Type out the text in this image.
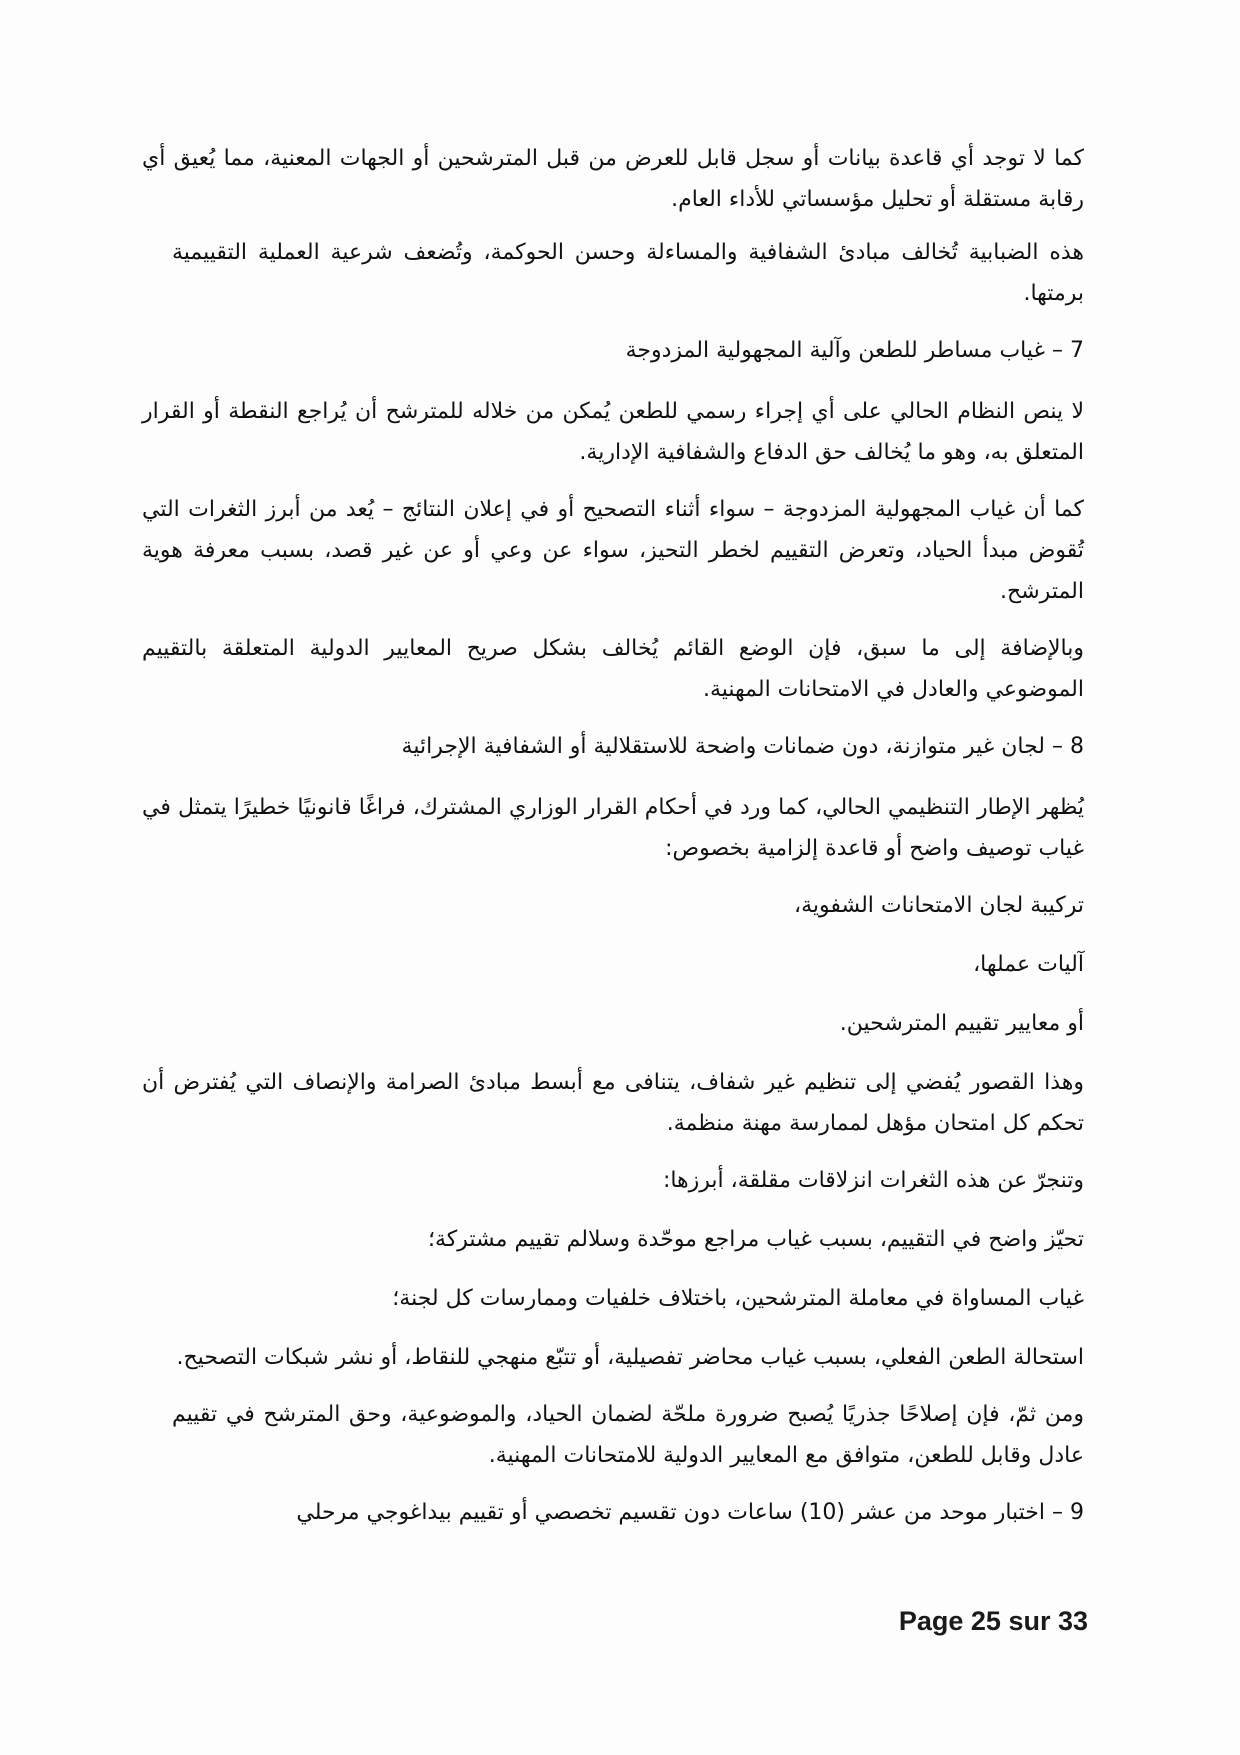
كما لا توجد أي قاعدة بيانات أو سجل قابل للعرض من قبل المترشحين أو الجهات المعنية، مما يُعيق أي رقابة مستقلة أو تحليل مؤسساتي للأداء العام.

هذه الضبابية تُخالف مبادئ الشفافية والمساءلة وحسن الحوكمة، وتُضعف شرعية العملية التقييمية برمتها.

7 – غياب مساطر للطعن وآلية المجهولية المزدوجة

لا ينص النظام الحالي على أي إجراء رسمي للطعن يُمكن من خلاله للمترشح أن يُراجع النقطة أو القرار المتعلق به، وهو ما يُخالف حق الدفاع والشفافية الإدارية.

كما أن غياب المجهولية المزدوجة – سواء أثناء التصحيح أو في إعلان النتائج – يُعد من أبرز الثغرات التي تُقوض مبدأ الحياد، وتعرض التقييم لخطر التحيز، سواء عن وعي أو عن غير قصد، بسبب معرفة هوية المترشح.

وبالإضافة إلى ما سبق، فإن الوضع القائم يُخالف بشكل صريح المعايير الدولية المتعلقة بالتقييم الموضوعي والعادل في الامتحانات المهنية.

8 – لجان غير متوازنة، دون ضمانات واضحة للاستقلالية أو الشفافية الإجرائية

يُظهر الإطار التنظيمي الحالي، كما ورد في أحكام القرار الوزاري المشترك، فراغًا قانونيًا خطيرًا يتمثل في غياب توصيف واضح أو قاعدة إلزامية بخصوص:

تركيبة لجان الامتحانات الشفوية،

آليات عملها،

أو معايير تقييم المترشحين.

وهذا القصور يُفضي إلى تنظيم غير شفاف، يتنافى مع أبسط مبادئ الصرامة والإنصاف التي يُفترض أن تحكم كل امتحان مؤهل لممارسة مهنة منظمة.

وتنجرّ عن هذه الثغرات انزلاقات مقلقة، أبرزها:

تحيّز واضح في التقييم، بسبب غياب مراجع موحّدة وسلالم تقييم مشتركة؛

غياب المساواة في معاملة المترشحين، باختلاف خلفيات وممارسات كل لجنة؛

استحالة الطعن الفعلي، بسبب غياب محاضر تفصيلية، أو تتبّع منهجي للنقاط، أو نشر شبكات التصحيح.

ومن ثمّ، فإن إصلاحًا جذريًا يُصبح ضرورة ملحّة لضمان الحياد، والموضوعية، وحق المترشح في تقييم عادل وقابل للطعن، متوافق مع المعايير الدولية للامتحانات المهنية.

9 – اختبار موحد من عشر (10) ساعات دون تقسيم تخصصي أو تقييم بيداغوجي مرحلي

Page 25 sur 33
